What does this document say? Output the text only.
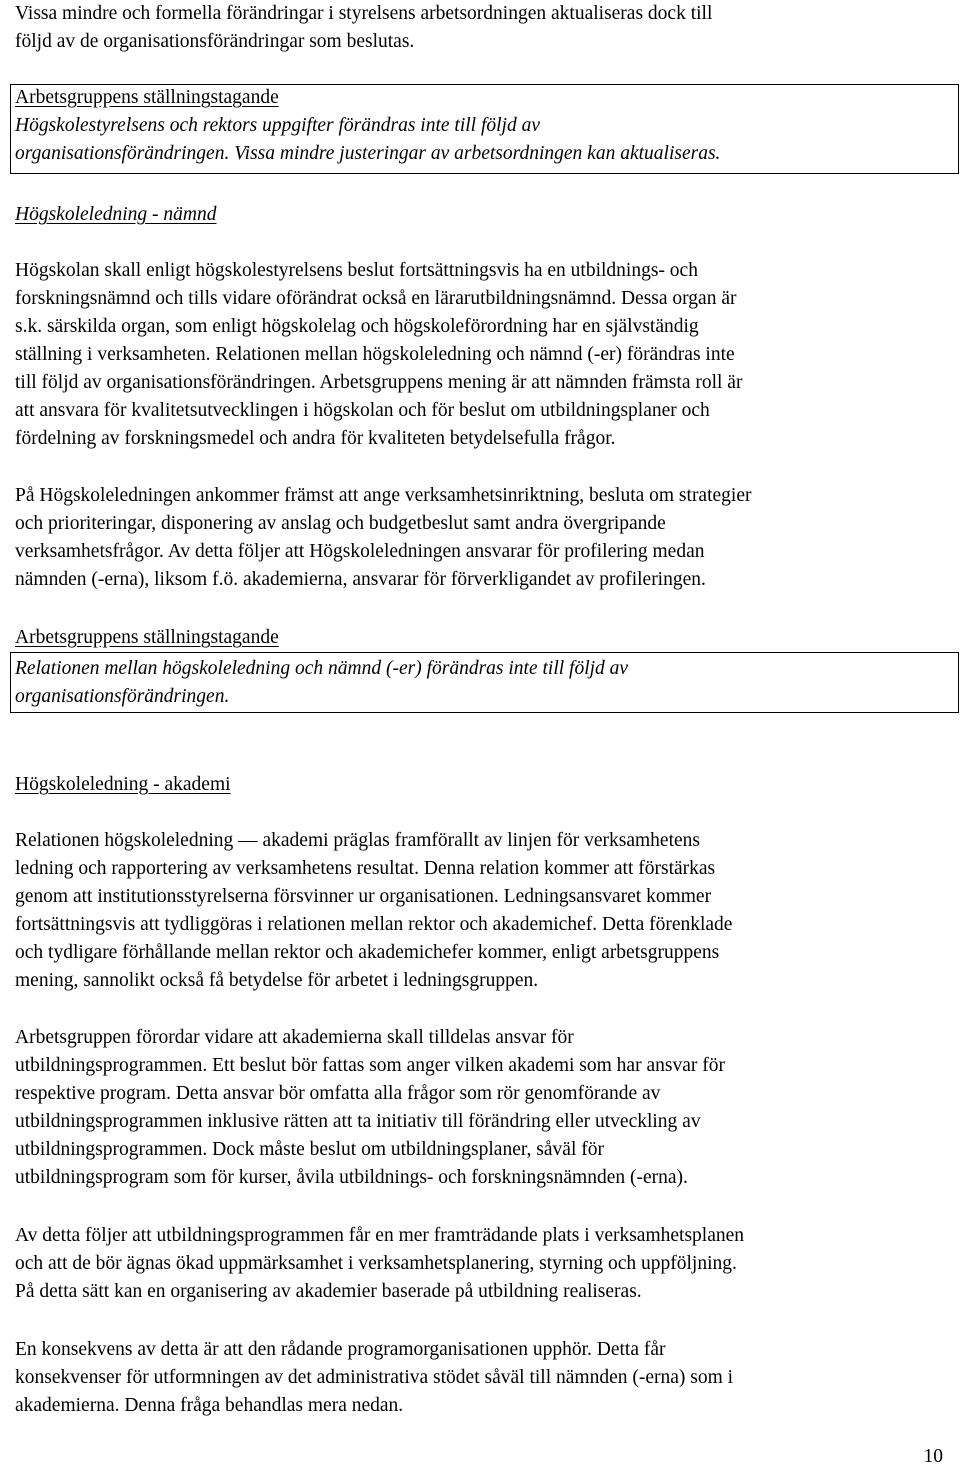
Vissa mindre och formella förändringar i styrelsens arbetsordningen aktualiseras dock till
följd av de organisationsförändringar som beslutas.
Arbetsgruppens ställningstagande
Högskolestyrelsens och rektors uppgifter förändras inte till följd av
organisationsförändringen. Vissa mindre justeringar av arbetsordningen kan aktualiseras.
Högskoleledning - nämnd
Högskolan skall enligt högskolestyrelsens beslut fortsättningsvis ha en utbildnings- och
forskningsnämnd och tills vidare oförändrat också en lärarutbildningsnämnd. Dessa organ är
s.k. särskilda organ, som enligt högskolelag och högskoleförordning har en självständig
ställning i verksamheten. Relationen mellan högskoleledning och nämnd (-er) förändras inte
till följd av organisationsförändringen. Arbetsgruppens mening är att nämnden främsta roll är
att ansvara för kvalitetsutvecklingen i högskolan och för beslut om utbildningsplaner och
fördelning av forskningsmedel och andra för kvaliteten betydelsefulla frågor.
På Högskoleledningen ankommer främst att ange verksamhetsinriktning, besluta om strategier
och prioriteringar, disponering av anslag och budgetbeslut samt andra övergripande
verksamhetsfrågor. Av detta följer att Högskoleledningen ansvarar för profilering medan
nämnden (-erna), liksom f.ö. akademierna, ansvarar för förverkligandet av profileringen.
Arbetsgruppens ställningstagande
Relationen mellan högskoleledning och nämnd (-er) förändras inte till följd av
organisationsförändringen.
Högskoleledning - akademi
Relationen högskoleledning — akademi präglas framförallt av linjen för verksamhetens
ledning och rapportering av verksamhetens resultat. Denna relation kommer att förstärkas
genom att institutionsstyrelserna försvinner ur organisationen. Ledningsansvaret kommer
fortsättningsvis att tydliggöras i relationen mellan rektor och akademichef. Detta förenklade
och tydligare förhållande mellan rektor och akademichefer kommer, enligt arbetsgruppens
mening, sannolikt också få betydelse för arbetet i ledningsgruppen.
Arbetsgruppen förordar vidare att akademierna skall tilldelas ansvar för
utbildningsprogrammen. Ett beslut bör fattas som anger vilken akademi som har ansvar för
respektive program. Detta ansvar bör omfatta alla frågor som rör genomförande av
utbildningsprogrammen inklusive rätten att ta initiativ till förändring eller utveckling av
utbildningsprogrammen. Dock måste beslut om utbildningsplaner, såväl för
utbildningsprogram som för kurser, åvila utbildnings- och forskningsnämnden (-erna).
Av detta följer att utbildningsprogrammen får en mer framträdande plats i verksamhetsplanen
och att de bör ägnas ökad uppmärksamhet i verksamhetsplanering, styrning och uppföljning.
På detta sätt kan en organisering av akademier baserade på utbildning realiseras.
En konsekvens av detta är att den rådande programorganisationen upphör. Detta får
konsekvenser för utformningen av det administrativa stödet såväl till nämnden (-erna) som i
akademierna. Denna fråga behandlas mera nedan.
10
